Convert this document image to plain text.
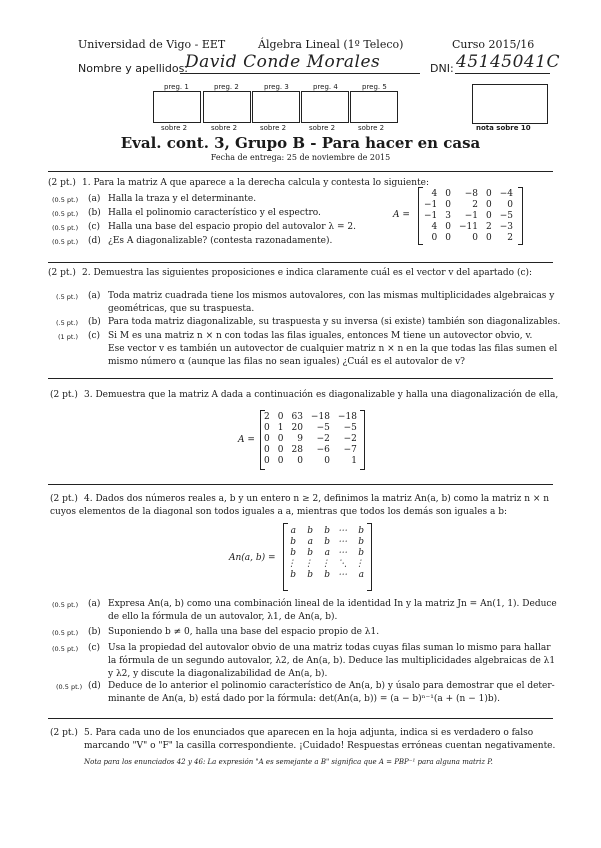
Universidad de Vigo - EET	Álgebra Lineal (1º Teleco)	Curso 2015/16
Nombre y apellidos:
David Conde Morales	DNI: 45145041C
preg. 1	preg. 2	preg. 3	preg. 4	preg. 5
sobre 2	sobre 2	sobre 2	sobre 2	sobre 2	nota sobre 10
Eval. cont. 3, Grupo B - Para hacer en casa
Fecha de entrega: 25 de noviembre de 2015
(2 pt.) 1. Para la matriz A que aparece a la derecha calcula y contesta lo siguiente:
(0.5 pt.) (a) Halla la traza y el determinante.
(0.5 pt.) (b) Halla el polinomio característico y el espectro.
(0.5 pt.) (c) Halla una base del espacio propio del autovalor λ = 2.
(0.5 pt.) (d) ¿Es A diagonalizable? (contesta razonadamente).
A =
4	0	−8	0	−4
−1	0	2	0	0
−1	3	−1	0	−5
4	0	−11	2	−3
0	0	0	0	2
(2 pt.) 2. Demuestra las siguientes proposiciones e indica claramente cuál es el vector v del apartado (c):
(.5 pt.) (a) Toda matriz cuadrada tiene los mismos autovalores, con las mismas multiplicidades algebraicas y
geométricas, que su traspuesta.
(.5 pt.) (b) Para toda matriz diagonalizable, su traspuesta y su inversa (si existe) también son diagonalizables.
(1 pt.) (c) Si M es una matriz n × n con todas las filas iguales, entonces M tiene un autovector obvio, v.
Ese vector v es también un autovector de cualquier matriz n × n en la que todas las filas sumen el
mismo número α (aunque las filas no sean iguales) ¿Cuál es el autovalor de v?
(2 pt.) 3. Demuestra que la matriz A dada a continuación es diagonalizable y halla una diagonalización de ella,
A =
2	0	63	−18	−18
0	1	20	−5	−5
0	0	9	−2	−2
0	0	28	−6	−7
0	0	0	0	1
(2 pt.) 4. Dados dos números reales a, b y un entero n ≥ 2, definimos la matriz An(a, b) como la matriz n × n
cuyos elementos de la diagonal son todos iguales a a, mientras que todos los demás son iguales a b:
An(a, b) =
a	b	b	⋯	b
b	a	b	⋯	b
b	b	a	⋯	b
⋮	⋮	⋮	⋱	⋮
b	b	b	⋯	a
(0.5 pt.) (a) Expresa An(a, b) como una combinación lineal de la identidad In y la matriz Jn = An(1, 1). Deduce
de ello la fórmula de un autovalor, λ1, de An(a, b).
(0.5 pt.) (b) Suponiendo b ≠ 0, halla una base del espacio propio de λ1.
(0.5 pt.) (c) Usa la propiedad del autovalor obvio de una matriz todas cuyas filas suman lo mismo para hallar
la fórmula de un segundo autovalor, λ2, de An(a, b). Deduce las multiplicidades algebraicas de λ1
y λ2, y discute la diagonalizabilidad de An(a, b).
(0.5 pt.) (d) Deduce de lo anterior el polinomio característico de An(a, b) y úsalo para demostrar que el deter-
minante de An(a, b) está dado por la fórmula: det(An(a, b)) = (a − b)ⁿ⁻¹(a + (n − 1)b).
(2 pt.) 5. Para cada uno de los enunciados que aparecen en la hoja adjunta, indica si es verdadero o falso
marcando "V" o "F" la casilla correspondiente. ¡Cuidado! Respuestas erróneas cuentan negativamente.
Nota para los enunciados 42 y 46: La expresión "A es semejante a B" significa que A = PBP⁻¹ para alguna matriz P.
